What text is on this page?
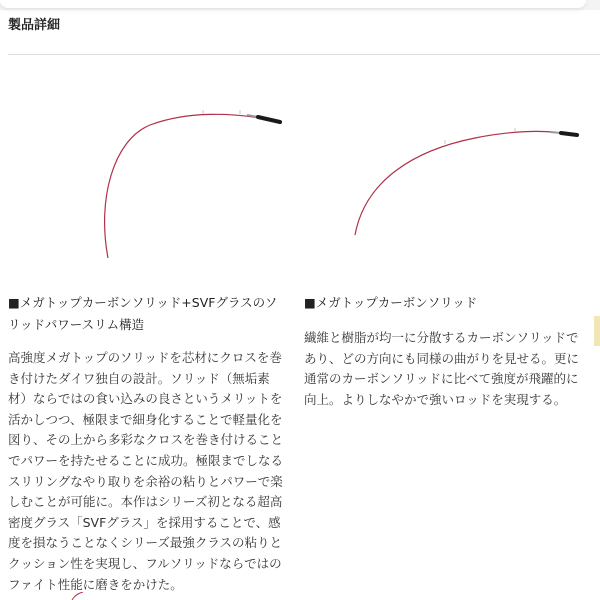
製品詳細
■メガトップカーボンソリッド+SVFグラスのソリッドパワースリム構造

高強度メガトップのソリッドを芯材にクロスを巻き付けたダイワ独自の設計。ソリッド（無垢素材）ならではの食い込みの良さというメリットを活かしつつ、極限まで細身化することで軽量化を図り、その上から多彩なクロスを巻き付けることでパワーを持たせることに成功。極限までしなるスリリングなやり取りを余裕の粘りとパワーで楽しむことが可能に。本作はシリーズ初となる超高密度グラス「SVFグラス」を採用することで、感度を損なうことなくシリーズ最強クラスの粘りとクッション性を実現し、フルソリッドならではのファイト性能に磨きをかけた。

■メガトップカーボンソリッド

繊維と樹脂が均一に分散するカーボンソリッドであり、どの方向にも同様の曲がりを見せる。更に通常のカーボンソリッドに比べて強度が飛躍的に向上。よりしなやかで強いロッドを実現する。
